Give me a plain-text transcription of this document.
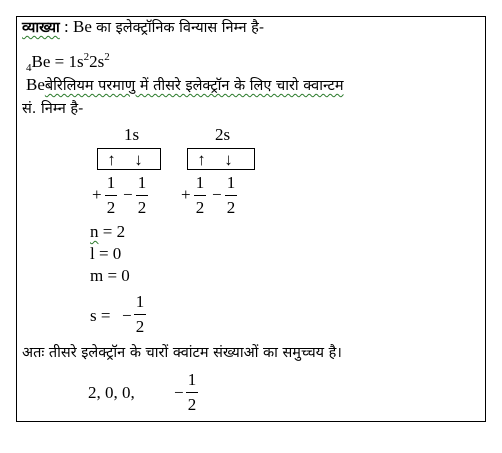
व्याख्या : Be का इलेक्ट्रॉनिक विन्यास निम्न है-
$_4Be = 1s^22s^2$
Beबेरिलियम परमाणु में तीसरे इलेक्ट्रॉन के लिए चारो क्वान्टम
सं. निम्न है-
1s	2s
↑	↓	↑	↓
+
1
2
−
1
2
+
1
2
−
1
2
n = 2
l = 0
m = 0
s = −
1
2
अतः तीसरे इलेक्ट्रॉन के चारों क्वांटम संख्याओं का समुच्चय है।
2, 0, 0, −
1
2
